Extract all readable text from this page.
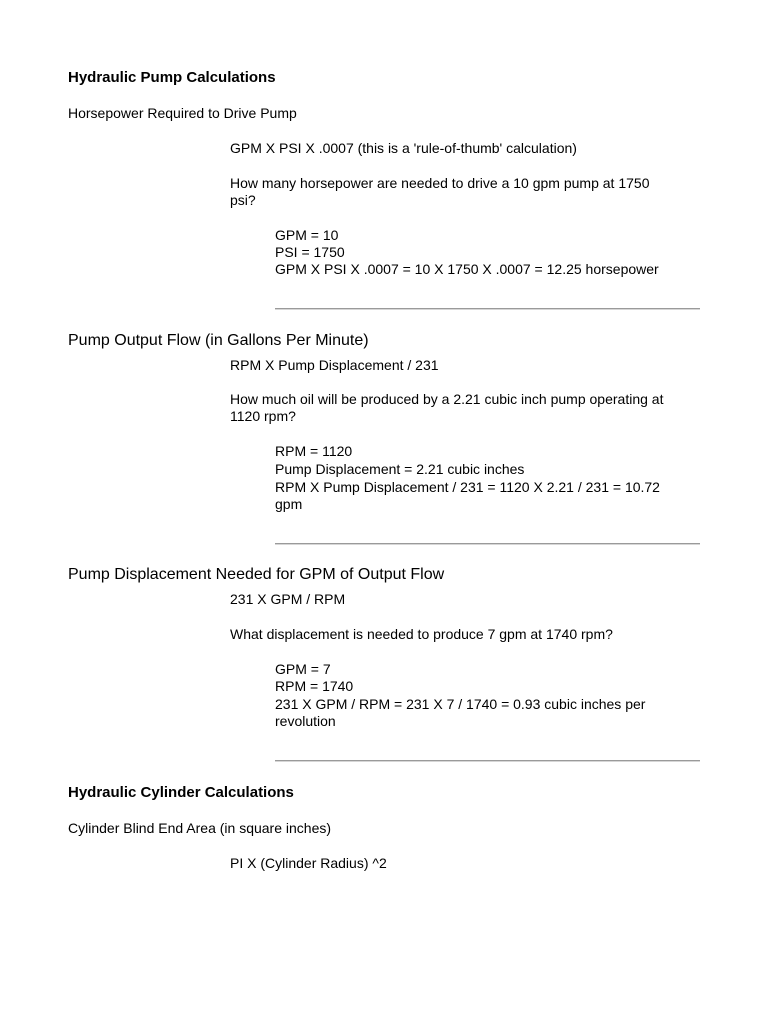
Hydraulic Pump Calculations
Horsepower Required to Drive Pump
GPM X PSI X .0007 (this is a 'rule-of-thumb' calculation)
How many horsepower are needed to drive a 10 gpm pump at 1750
psi?
GPM = 10
PSI = 1750
GPM X PSI X .0007 = 10 X 1750 X .0007 = 12.25 horsepower
Pump Output Flow (in Gallons Per Minute)
RPM X Pump Displacement / 231
How much oil will be produced by a 2.21 cubic inch pump operating at
1120 rpm?
RPM = 1120
Pump Displacement = 2.21 cubic inches
RPM X Pump Displacement / 231 = 1120 X 2.21 / 231 = 10.72
gpm
Pump Displacement Needed for GPM of Output Flow
231 X GPM / RPM
What displacement is needed to produce 7 gpm at 1740 rpm?
GPM = 7
RPM = 1740
231 X GPM / RPM = 231 X 7 / 1740 = 0.93 cubic inches per
revolution
Hydraulic Cylinder Calculations
Cylinder Blind End Area (in square inches)
PI X (Cylinder Radius) ^2
